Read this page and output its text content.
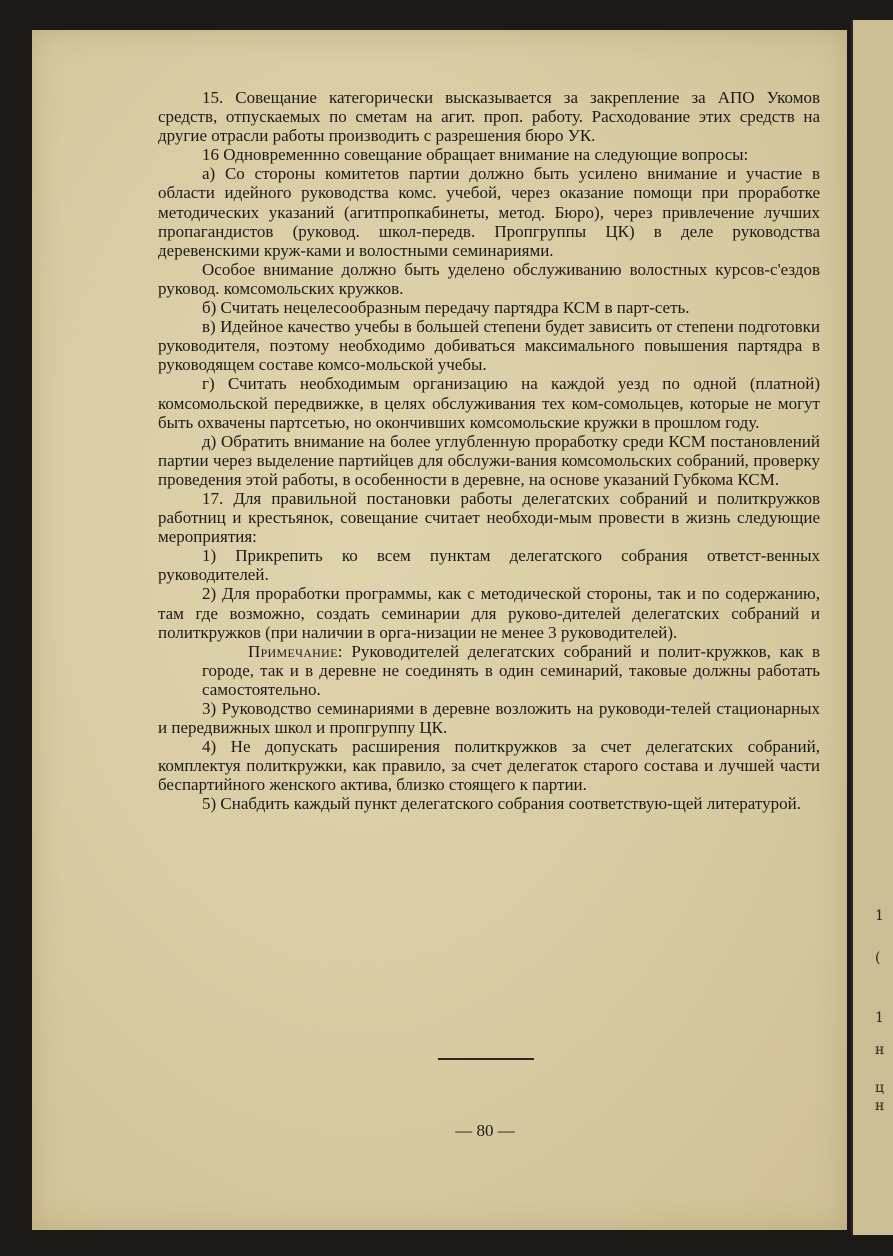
1
(
1
н
ц
н

15. Совещание категорически высказывается за закрепление за АПО Укомов средств, отпускаемых по сметам на агит. проп. работу. Расходование этих средств на другие отрасли работы производить с разрешения бюро УК.

16 Одновременнно совещание обращает внимание на следующие вопросы:

а) Со стороны комитетов партии должно быть усилено внимание и участие в области идейного руководства комс. учебой, через оказание помощи при проработке методических указаний (агитпропкабинеты, метод. Бюро), через привлечение лучших пропагандистов (руковод. школ-передв. Пропгруппы ЦК) в деле руководства деревенскими круж-ками и волостными семинариями.

Особое внимание должно быть уделено обслуживанию волостных курсов-с'ездов руковод. комсомольских кружков.

б) Считать нецелесообразным передачу партядра КСМ в парт-сеть.

в) Идейное качество учебы в большей степени будет зависить от степени подготовки руководителя, поэтому необходимо добиваться максимального повышения партядра в руководящем составе комсо-мольской учебы.

г) Считать необходимым организацию на каждой уезд по одной (платной) комсомольской передвижке, в целях обслуживания тех ком-сомольцев, которые не могут быть охвачены партсетью, но окончивших комсомольские кружки в прошлом году.

д) Обратить внимание на более углубленную проработку среди КСМ постановлений партии через выделение партийцев для обслужи-вания комсомольских собраний, проверку проведения этой работы, в особенности в деревне, на основе указаний Губкома КСМ.

17. Для правильной постановки работы делегатских собраний и политкружков работниц и крестьянок, совещание считает необходи-мым провести в жизнь следующие мероприятия:

1) Прикрепить ко всем пунктам делегатского собрания ответст-венных руководителей.

2) Для проработки программы, как с методической стороны, так и по содержанию, там где возможно, создать семинарии для руково-дителей делегатских собраний и политкружков (при наличии в орга-низации не менее 3 руководителей).

Примечание: Руководителей делегатских собраний и полит-кружков, как в городе, так и в деревне не соединять в один семинарий, таковые должны работать самостоятельно.

3) Руководство семинариями в деревне возложить на руководи-телей стационарных и передвижных школ и пропгруппу ЦК.

4) Не допускать расширения политкружков за счет делегатских собраний, комплектуя политкружки, как правило, за счет делегаток старого состава и лучшей части беспартийного женского актива, близко стоящего к партии.

5) Снабдить каждый пункт делегатского собрания соответствую-щей литературой.

— 80 —
